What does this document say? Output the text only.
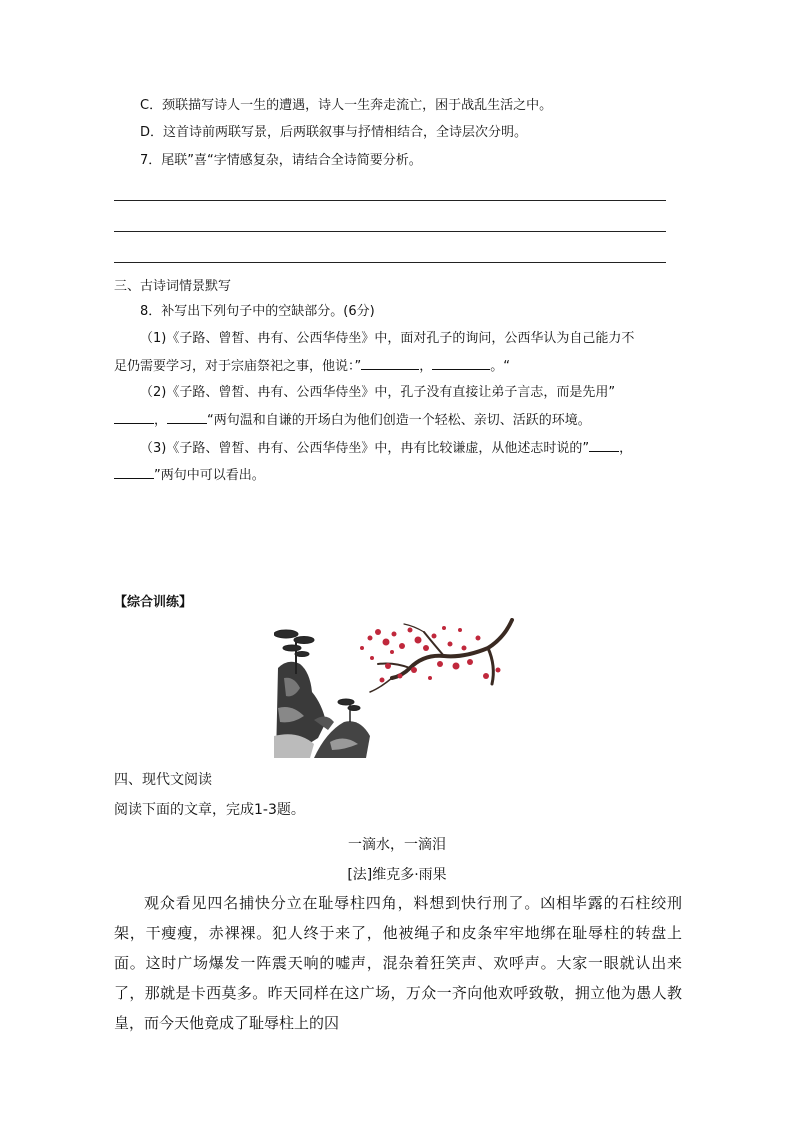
C．颈联描写诗人一生的遭遇，诗人一生奔走流亡，困于战乱生活之中。
D．这首诗前两联写景，后两联叙事与抒情相结合，全诗层次分明。
7．尾联”喜“字情感复杂，请结合全诗简要分析。
三、古诗词情景默写
8．补写出下列句子中的空缺部分。(6分)
（1)《子路、曾皙、冉有、公西华侍坐》中，面对孔子的询问，公西华认为自己能力不
足仍需要学习，对于宗庙祭祀之事，他说：”	，	。“
（2)《子路、曾皙、冉有、公西华侍坐》中，孔子没有直接让弟子言志，而是先用”
，	“两句温和自谦的开场白为他们创造一个轻松、亲切、活跃的环境。
（3)《子路、曾皙、冉有、公西华侍坐》中，冉有比较谦虚，从他述志时说的” ，
”两句中可以看出。
【综合训练】
四、现代文阅读
阅读下面的文章，完成1-3题。
一滴水，一滴泪
[法]维克多·雨果
观众看见四名捕快分立在耻辱柱四角，料想到快行刑了。凶相毕露的石柱绞刑架，干瘦瘦，赤裸裸。犯人终于来了，他被绳子和皮条牢牢地绑在耻辱柱的转盘上面。这时广场爆发一阵震天响的嘘声，混杂着狂笑声、欢呼声。大家一眼就认出来了，那就是卡西莫多。昨天同样在这广场，万众一齐向他欢呼致敬，拥立他为愚人教皇，而今天他竟成了耻辱柱上的囚
